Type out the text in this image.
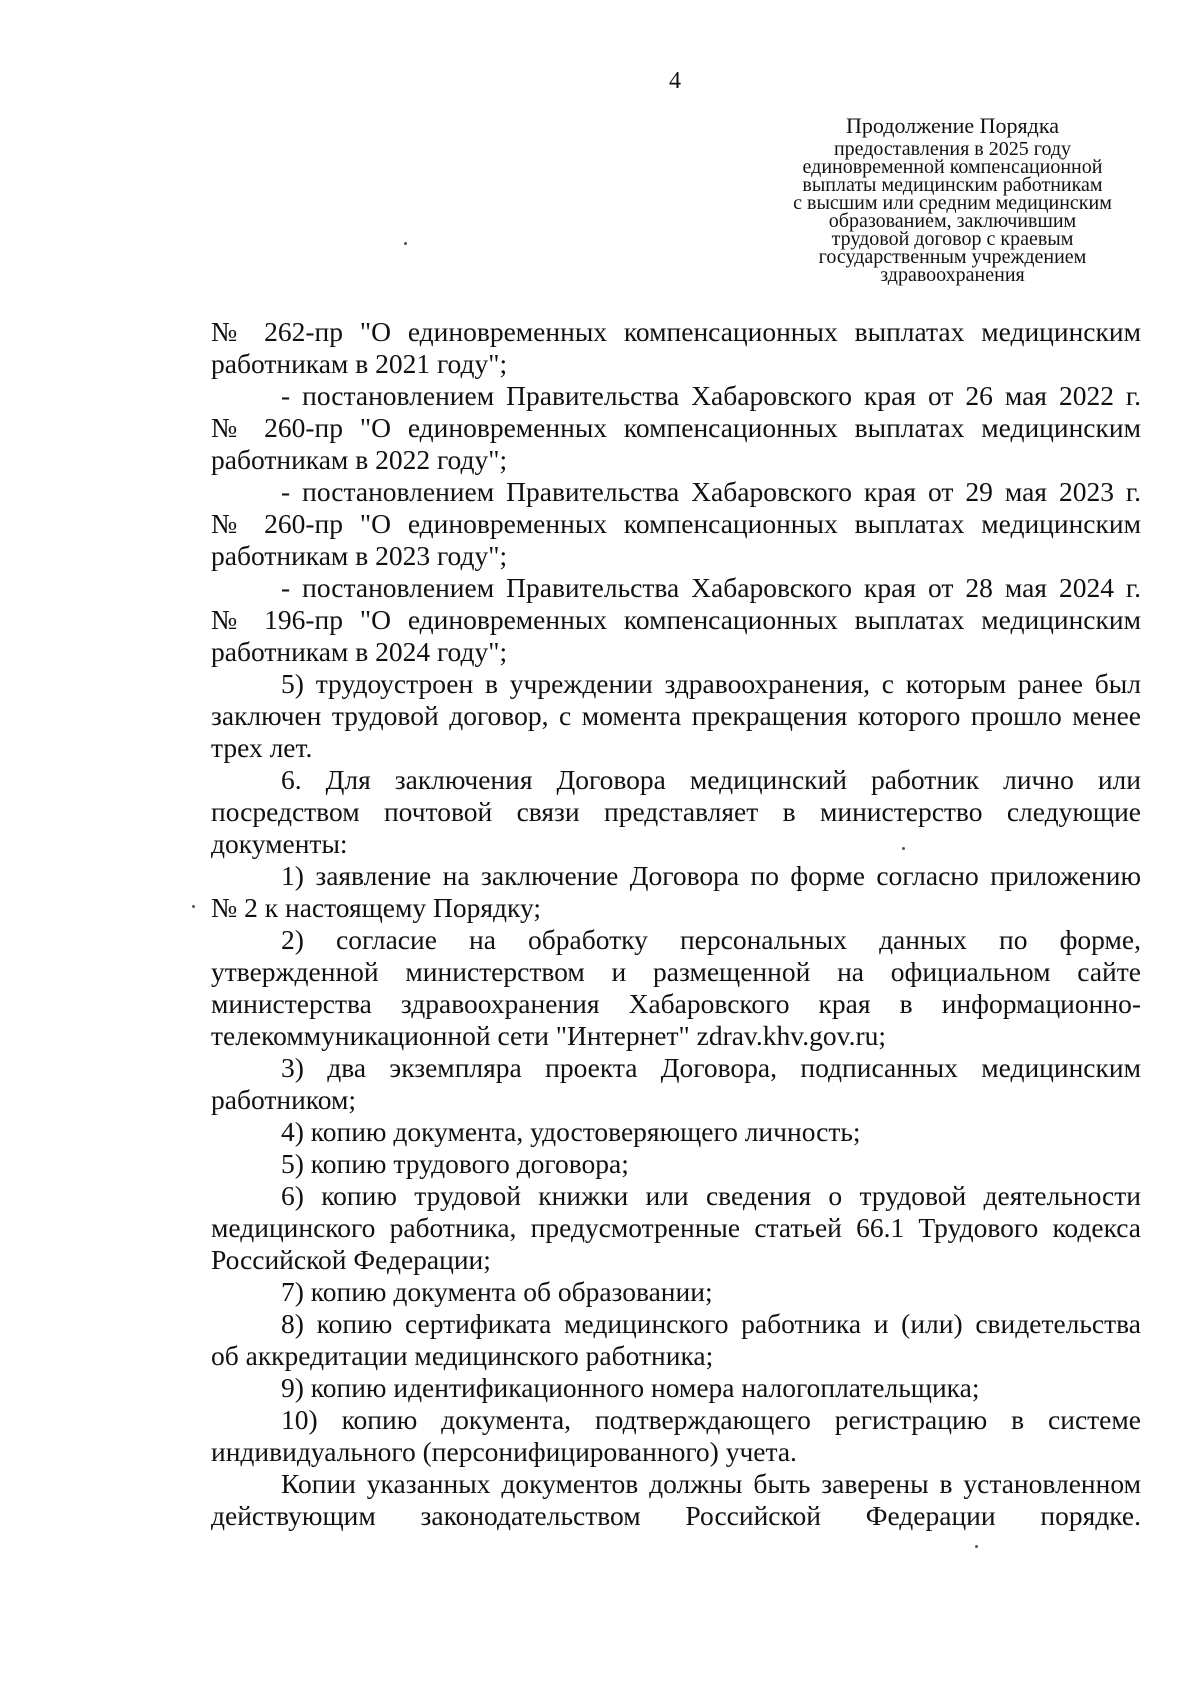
4
Продолжение Порядка
предоставления в 2025 году
единовременной компенсационной
выплаты медицинским работникам
с высшим или средним медицинским
образованием, заключившим
трудовой договор с краевым
государственным учреждением
здравоохранения
№ 262-пр "О единовременных компенсационных выплатах медицинским
работникам в 2021 году";
- постановлением Правительства Хабаровского края от 26 мая 2022 г.
№ 260-пр "О единовременных компенсационных выплатах медицинским
работникам в 2022 году";
- постановлением Правительства Хабаровского края от 29 мая 2023 г.
№ 260-пр "О единовременных компенсационных выплатах медицинским
работникам в 2023 году";
- постановлением Правительства Хабаровского края от 28 мая 2024 г.
№ 196-пр "О единовременных компенсационных выплатах медицинским
работникам в 2024 году";
5) трудоустроен в учреждении здравоохранения, с которым ранее был
заключен трудовой договор, с момента прекращения которого прошло менее
трех лет.
6. Для заключения Договора медицинский работник лично или
посредством почтовой связи представляет в министерство следующие
документы:
1) заявление на заключение Договора по форме согласно приложению
№ 2 к настоящему Порядку;
2) согласие на обработку персональных данных по форме,
утвержденной министерством и размещенной на официальном сайте
министерства здравоохранения Хабаровского края в информационно-
телекоммуникационной сети "Интернет" zdrav.khv.gov.ru;
3) два экземпляра проекта Договора, подписанных медицинским
работником;
4) копию документа, удостоверяющего личность;
5) копию трудового договора;
6) копию трудовой книжки или сведения о трудовой деятельности
медицинского работника, предусмотренные статьей 66.1 Трудового кодекса
Российской Федерации;
7) копию документа об образовании;
8) копию сертификата медицинского работника и (или) свидетельства
об аккредитации медицинского работника;
9) копию идентификационного номера налогоплательщика;
10) копию документа, подтверждающего регистрацию в системе
индивидуального (персонифицированного) учета.
Копии указанных документов должны быть заверены в установленном
действующим законодательством Российской Федерации порядке.
